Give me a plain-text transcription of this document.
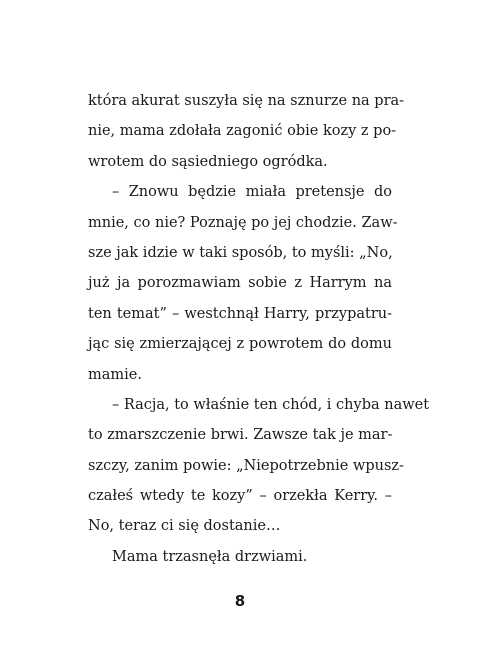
która akurat suszyła się na sznurze na pra-
nie, mama zdołała zagonić obie kozy z po-
wrotem do sąsiedniego ogródka.
– Znowu będzie miała pretensje do
mnie, co nie? Poznaję po jej chodzie. Zaw-
sze jak idzie w taki sposób, to myśli: „No,
już ja porozmawiam sobie z Harrym na
ten temat” – westchnął Harry, przypatru-
jąc się zmierzającej z powrotem do domu
mamie.
– Racja, to właśnie ten chód, i chyba nawet
to zmarszczenie brwi. Zawsze tak je mar-
szczy, zanim powie: „Niepotrzebnie wpusz-
czałeś wtedy te kozy” – orzekła Kerry. –
No, teraz ci się dostanie…
Mama trzasnęła drzwiami.
8
